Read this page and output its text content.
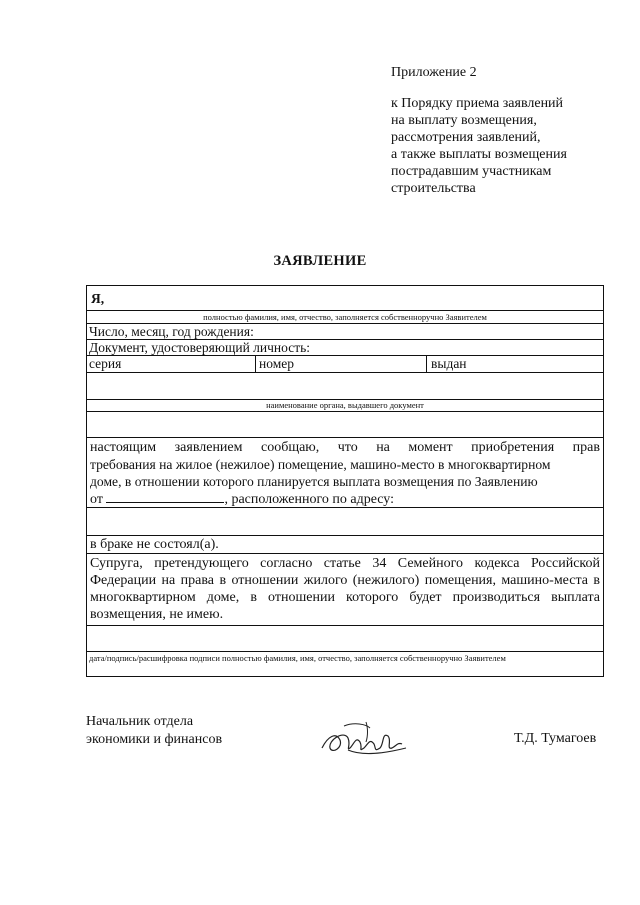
Приложение 2
к Порядку приема заявлений
на выплату возмещения,
рассмотрения заявлений,
а также выплаты возмещения
пострадавшим участникам
строительства
ЗАЯВЛЕНИЕ
Я,
полностью фамилия, имя, отчество, заполняется собственноручно Заявителем
Число, месяц, год рождения:
Документ, удостоверяющий личность:
серия	номер	выдан
наименование органа, выдавшего документ
настоящим заявлением сообщаю, что на момент приобретения прав
требования на жилое (нежилое) помещение, машино-место в многоквартирном
доме, в отношении которого планируется выплата возмещения по Заявлению
от	, расположенного по адресу:
в браке не состоял(а).
Супруга, претендующего согласно статье 34 Семейного кодекса Российской Федерации на права в отношении жилого (нежилого) помещения, машино-места в многоквартирном доме, в отношении которого будет производиться выплата возмещения, не имею.
дата/подпись/расшифровка подписи полностью фамилия, имя, отчество, заполняется собственноручно Заявителем
Начальник отдела
экономики и финансов	Т.Д. Тумагоев
